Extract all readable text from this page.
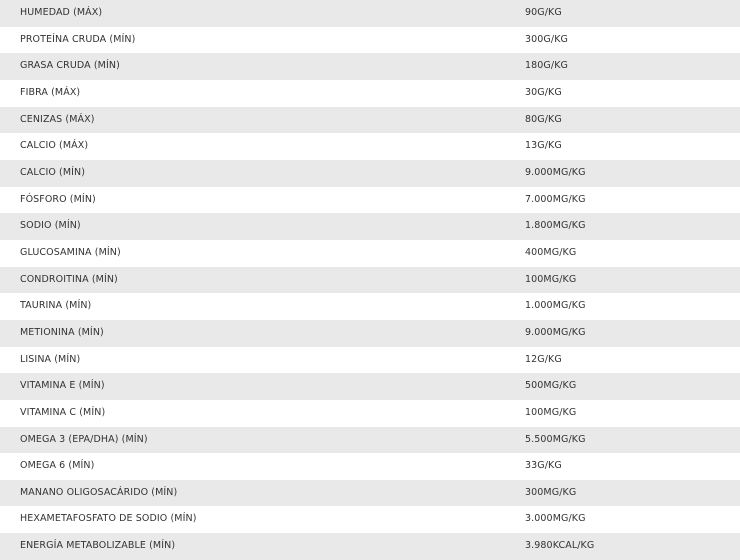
HUMEDAD (MÁX)	90G/KG
PROTEÍNA CRUDA (MÍN)	300G/KG
GRASA CRUDA (MÍN)	180G/KG
FIBRA (MÁX)	30G/KG
CENIZAS (MÁX)	80G/KG
CALCIO (MÁX)	13G/KG
CALCIO (MÍN)	9.000MG/KG
FÓSFORO (MÍN)	7.000MG/KG
SODIO (MÍN)	1.800MG/KG
GLUCOSAMINA (MÍN)	400MG/KG
CONDROITINA (MÍN)	100MG/KG
TAURINA (MÍN)	1.000MG/KG
METIONINA (MÍN)	9.000MG/KG
LISINA (MÍN)	12G/KG
VITAMINA E (MÍN)	500MG/KG
VITAMINA C (MÍN)	100MG/KG
OMEGA 3 (EPA/DHA) (MÍN)	5.500MG/KG
OMEGA 6 (MÍN)	33G/KG
MANANO OLIGOSACÁRIDO (MÍN)	300MG/KG
HEXAMETAFOSFATO DE SODIO (MÍN)	3.000MG/KG
ENERGÍA METABOLIZABLE (MÍN)	3.980KCAL/KG
